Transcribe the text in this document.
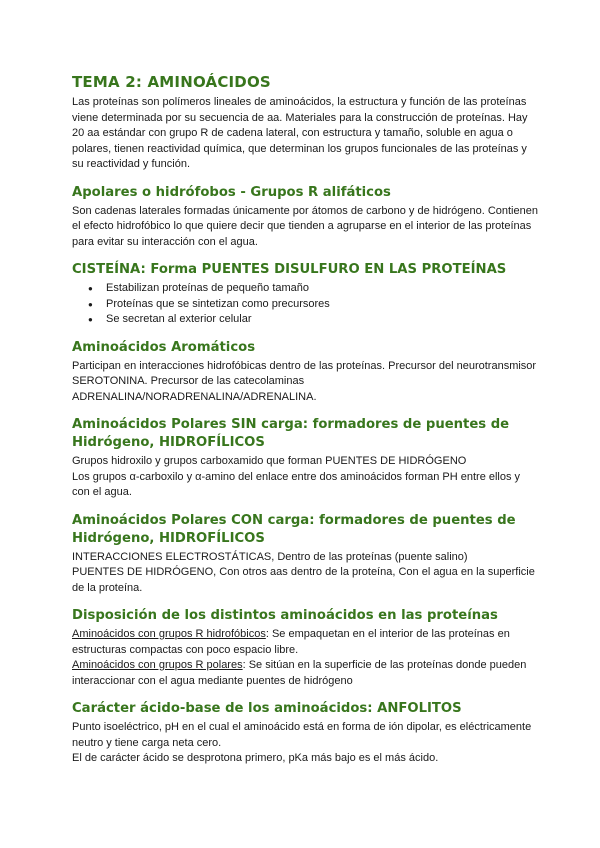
TEMA 2: AMINOÁCIDOS

Las proteínas son polímeros lineales de aminoácidos, la estructura y función de las proteínas viene determinada por su secuencia de aa. Materiales para la construcción de proteínas. Hay 20 aa estándar con grupo R de cadena lateral, con estructura y tamaño, soluble en agua o polares, tienen reactividad química, que determinan los grupos funcionales de las proteínas y su reactividad y función.

Apolares o hidrófobos - Grupos R alifáticos

Son cadenas laterales formadas únicamente por átomos de carbono y de hidrógeno. Contienen el efecto hidrofóbico lo que quiere decir que tienden a agruparse en el interior de las proteínas para evitar su interacción con el agua.

CISTEÍNA: Forma PUENTES DISULFURO EN LAS PROTEÍNAS
● Estabilizan proteínas de pequeño tamaño
● Proteínas que se sintetizan como precursores
● Se secretan al exterior celular
Aminoácidos Aromáticos

Participan en interacciones hidrofóbicas dentro de las proteínas. Precursor del neurotransmisor SEROTONINA. Precursor de las catecolaminas ADRENALINA/NORADRENALINA/ADRENALINA.

Aminoácidos Polares SIN carga: formadores de puentes de Hidrógeno, HIDROFÍLICOS

Grupos hidroxilo y grupos carboxamido que forman PUENTES DE HIDRÓGENO

Los grupos α-carboxilo y α-amino del enlace entre dos aminoácidos forman PH entre ellos y con el agua.

Aminoácidos Polares CON carga: formadores de puentes de Hidrógeno, HIDROFÍLICOS

INTERACCIONES ELECTROSTÁTICAS, Dentro de las proteínas (puente salino)

PUENTES DE HIDRÓGENO, Con otros aas dentro de la proteína, Con el agua en la superficie de la proteína.

Disposición de los distintos aminoácidos en las proteínas

Aminoácidos con grupos R hidrofóbicos: Se empaquetan en el interior de las proteínas en estructuras compactas con poco espacio libre.

Aminoácidos con grupos R polares: Se sitúan en la superficie de las proteínas donde pueden interaccionar con el agua mediante puentes de hidrógeno

Carácter ácido-base de los aminoácidos: ANFOLITOS

Punto isoeléctrico, pH en el cual el aminoácido está en forma de ión dipolar, es eléctricamente neutro y tiene carga neta cero.

El de carácter ácido se desprotona primero, pKa más bajo es el más ácido.
